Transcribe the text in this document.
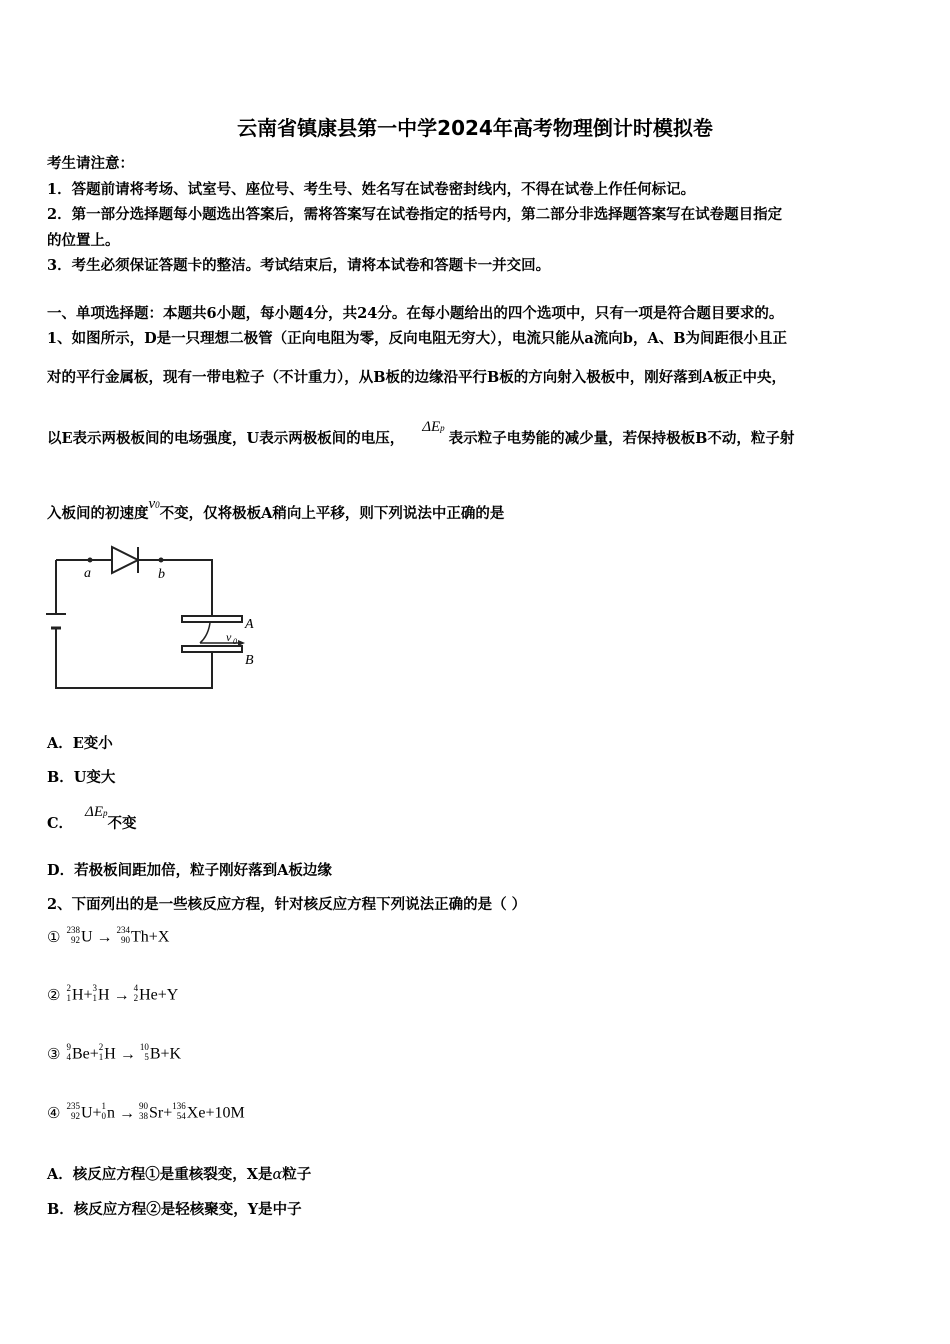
云南省镇康县第一中学2024年高考物理倒计时模拟卷
考生请注意：
1．答题前请将考场、试室号、座位号、考生号、姓名写在试卷密封线内，不得在试卷上作任何标记。
2．第一部分选择题每小题选出答案后，需将答案写在试卷指定的括号内，第二部分非选择题答案写在试卷题目指定
的位置上。
3．考生必须保证答题卡的整洁。考试结束后，请将本试卷和答题卡一并交回。
一、单项选择题：本题共6小题，每小题4分，共24分。在每小题给出的四个选项中，只有一项是符合题目要求的。
1、如图所示，D是一只理想二极管（正向电阻为零，反向电阻无穷大），电流只能从a流向b，A、B为间距很小且正
对的平行金属板，现有一带电粒子（不计重力），从B板的边缘沿平行B板的方向射入极板中，刚好落到A板正中央，
以E表示两极板间的电场强度，U表示两极板间的电压，ΔEp表示粒子电势能的减少量，若保持极板B不动，粒子射
入板间的初速度v0不变，仅将极板A稍向上平移，则下列说法中正确的是
a	b
A
B
v 0
A．E变小
B．U变大
C．ΔEp不变
D．若极板间距加倍，粒子刚好落到A板边缘
2、下面列出的是一些核反应方程，针对核反应方程下列说法正确的是（ ）
① 238
92 U → 234
90 Th+X
② 2
1 H+ 3
1 H → 4
2 He+Y
③ 9
4 Be+ 2
1 H → 10
5 B+K
④ 235
92 U+ 1
0 n → 90
38 Sr+ 136
54 Xe+10M
A．核反应方程①是重核裂变，X是α粒子
B．核反应方程②是轻核聚变，Y是中子
